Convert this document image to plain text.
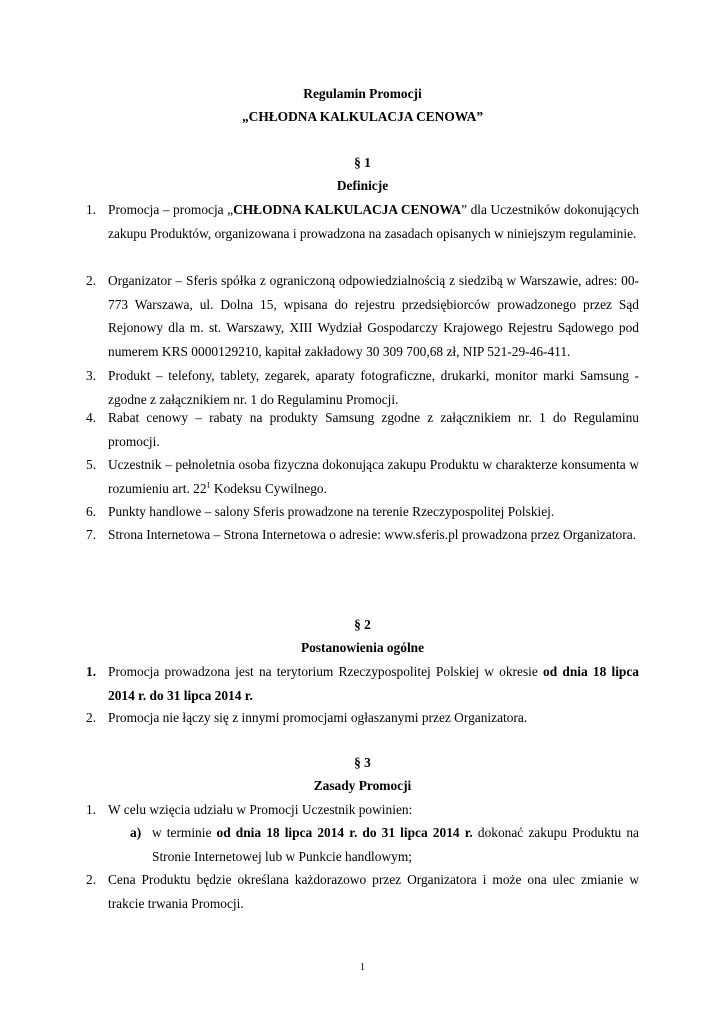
Regulamin Promocji
„CHŁODNA KALKULACJA CENOWA”
§ 1
Definicje
1. Promocja – promocja „CHŁODNA KALKULACJA CENOWA” dla Uczestników dokonujących zakupu Produktów, organizowana i prowadzona na zasadach opisanych w niniejszym regulaminie.
2. Organizator – Sferis spółka z ograniczoną odpowiedzialnością z siedzibą w Warszawie, adres: 00-773 Warszawa, ul. Dolna 15, wpisana do rejestru przedsiębiorców prowadzonego przez Sąd Rejonowy dla m. st. Warszawy, XIII Wydział Gospodarczy Krajowego Rejestru Sądowego pod numerem KRS 0000129210, kapitał zakładowy 30 309 700,68 zł, NIP 521-29-46-411.
3. Produkt – telefony, tablety, zegarek, aparaty fotograficzne, drukarki, monitor marki Samsung - zgodne z załącznikiem nr. 1 do Regulaminu Promocji.
4. Rabat cenowy – rabaty na produkty Samsung zgodne z załącznikiem nr. 1 do Regulaminu promocji.
5. Uczestnik – pełnoletnia osoba fizyczna dokonująca zakupu Produktu w charakterze konsumenta w rozumieniu art. $22^1$ Kodeksu Cywilnego.
6. Punkty handlowe – salony Sferis prowadzone na terenie Rzeczypospolitej Polskiej.
7. Strona Internetowa – Strona Internetowa o adresie: www.sferis.pl prowadzona przez Organizatora.
§ 2
Postanowienia ogólne
1. Promocja prowadzona jest na terytorium Rzeczypospolitej Polskiej w okresie od dnia 18 lipca 2014 r. do 31 lipca 2014 r.
2. Promocja nie łączy się z innymi promocjami ogłaszanymi przez Organizatora.
§ 3
Zasady Promocji
1. W celu wzięcia udziału w Promocji Uczestnik powinien:
a) w terminie od dnia 18 lipca 2014 r. do 31 lipca 2014 r. dokonać zakupu Produktu na Stronie Internetowej lub w Punkcie handlowym;
2. Cena Produktu będzie określana każdorazowo przez Organizatora i może ona ulec zmianie w trakcie trwania Promocji.
1
